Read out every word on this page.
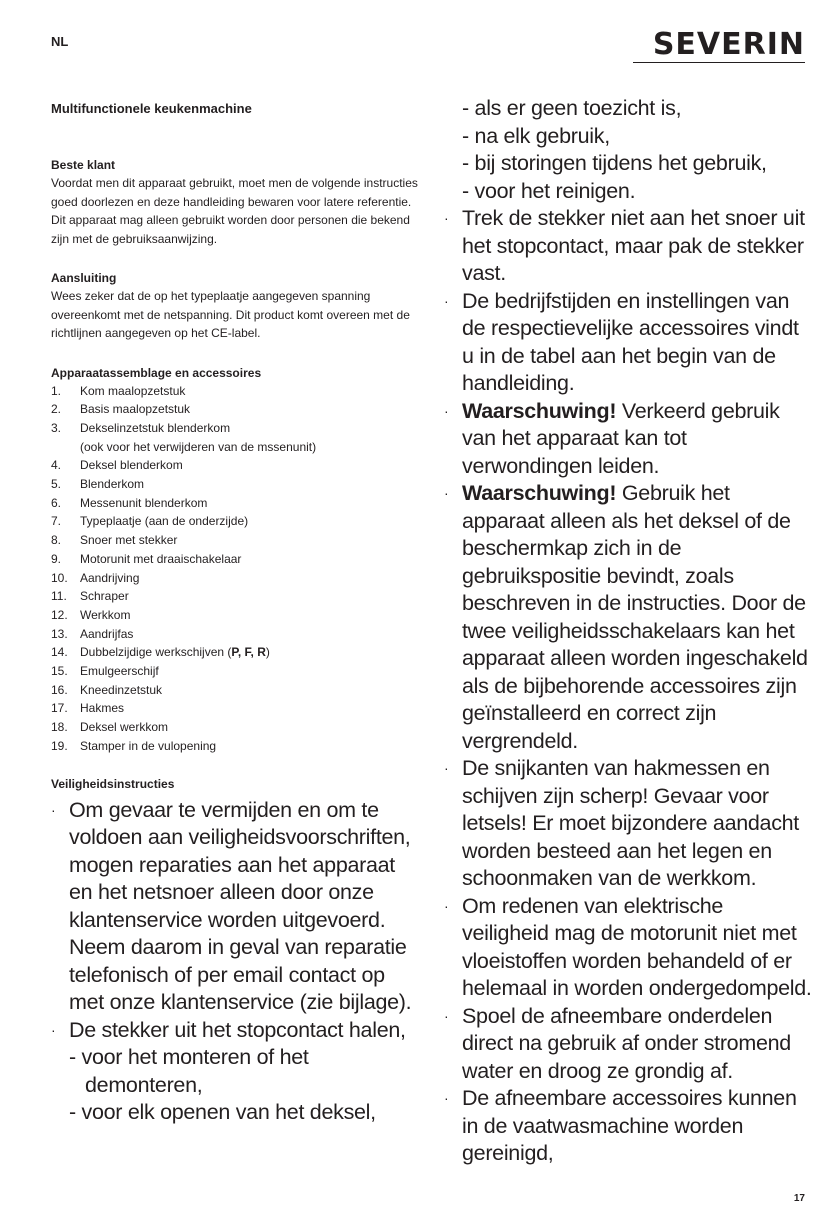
NL	SEVERIN
Multifunctionele keukenmachine
Beste klant
Voordat men dit apparaat gebruikt, moet men de volgende instructies goed doorlezen en deze handleiding bewaren voor latere referentie. Dit apparaat mag alleen gebruikt worden door personen die bekend zijn met de gebruiksaanwijzing.
Aansluiting
Wees zeker dat de op het typeplaatje aangegeven spanning overeenkomt met de netspanning. Dit product komt overeen met de richtlijnen aangegeven op het CE-label.
Apparaatassemblage en accessoires
1.	Kom maalopzetstuk
2.	Basis maalopzetstuk
3.	Dekselinzetstuk blenderkom
(ook voor het verwijderen van de mssenunit)
4.	Deksel blenderkom
5.	Blenderkom
6.	Messenunit blenderkom
7.	Typeplaatje (aan de onderzijde)
8.	Snoer met stekker
9.	Motorunit met draaischakelaar
10.	Aandrijving
11.	Schraper
12.	Werkkom
13.	Aandrijfas
14.	Dubbelzijdige werkschijven (P, F, R)
15.	Emulgeerschijf
16.	Kneedinzetstuk
17.	Hakmes
18.	Deksel werkkom
19.	Stamper in de vulopening
Veiligheidsinstructies
· Om gevaar te vermijden en om te voldoen aan veiligheidsvoorschriften, mogen reparaties aan het apparaat en het netsnoer alleen door onze klantenservice worden uitgevoerd. Neem daarom in geval van reparatie telefonisch of per email contact op met onze klantenservice (zie bijlage).
· De stekker uit het stopcontact halen,
- voor het monteren of het
demonteren,
- voor elk openen van het deksel,
- als er geen toezicht is,
- na elk gebruik,
- bij storingen tijdens het gebruik,
- voor het reinigen.
· Trek de stekker niet aan het snoer uit het stopcontact, maar pak de stekker vast.
· De bedrijfstijden en instellingen van de respectievelijke accessoires vindt u in de tabel aan het begin van de handleiding.
· Waarschuwing! Verkeerd gebruik van het apparaat kan tot verwondingen leiden.
· Waarschuwing! Gebruik het apparaat alleen als het deksel of de beschermkap zich in de gebruikspositie bevindt, zoals beschreven in de instructies. Door de twee veiligheidsschakelaars kan het apparaat alleen worden ingeschakeld als de bijbehorende accessoires zijn geïnstalleerd en correct zijn vergrendeld.
· De snijkanten van hakmessen en schijven zijn scherp! Gevaar voor letsels! Er moet bijzondere aandacht worden besteed aan het legen en schoonmaken van de werkkom.
· Om redenen van elektrische veiligheid mag de motorunit niet met vloeistoffen worden behandeld of er helemaal in worden ondergedompeld.
· Spoel de afneembare onderdelen direct na gebruik af onder stromend water en droog ze grondig af.
· De afneembare accessoires kunnen in de vaatwasmachine worden gereinigd,
17
